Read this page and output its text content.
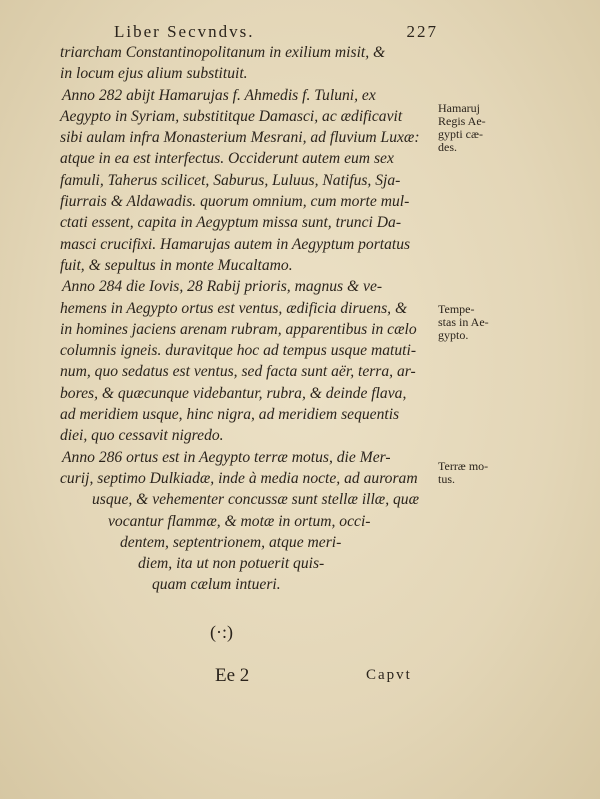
Liber Secvndvs.	227
triarcham Constantinopolitanum in exilium misit, &
in locum ejus alium substituit.
Anno 282 abijt Hamarujas f. Ahmedis f. Tuluni, ex
Aegypto in Syriam, substititque Damasci, ac ædificavit
sibi aulam infra Monasterium Mesrani, ad fluvium Luxæ:
atque in ea est interfectus. Occiderunt autem eum sex
famuli, Taherus scilicet, Saburus, Luluus, Natifus, Sja-
fiurrais & Aldawadis. quorum omnium, cum morte mul-
ctati essent, capita in Aegyptum missa sunt, trunci Da-
masci crucifixi. Hamarujas autem in Aegyptum portatus
fuit, & sepultus in monte Mucaltamo.
Anno 284 die Iovis, 28 Rabij prioris, magnus & ve-
hemens in Aegypto ortus est ventus, ædificia diruens, &
in homines jaciens arenam rubram, apparentibus in cælo
columnis igneis. duravitque hoc ad tempus usque matuti-
num, quo sedatus est ventus, sed facta sunt aër, terra, ar-
bores, & quæcunque videbantur, rubra, & deinde flava,
ad meridiem usque, hinc nigra, ad meridiem sequentis
diei, quo cessavit nigredo.
Anno 286 ortus est in Aegypto terræ motus, die Mer-
curij, septimo Dulkiadæ, inde à media nocte, ad auroram
usque, & vehementer concussæ sunt stellæ illæ, quæ
vocantur flammæ, & motæ in ortum, occi-
dentem, septentrionem, atque meri-
diem, ita ut non potuerit quis-
quam cælum intueri.
Hamaruj
Regis Ae-
gypti cæ-
des.
Tempe-
stas in Ae-
gypto.
Terræ mo-
tus.
(·:)
Ee 2	Capvt
